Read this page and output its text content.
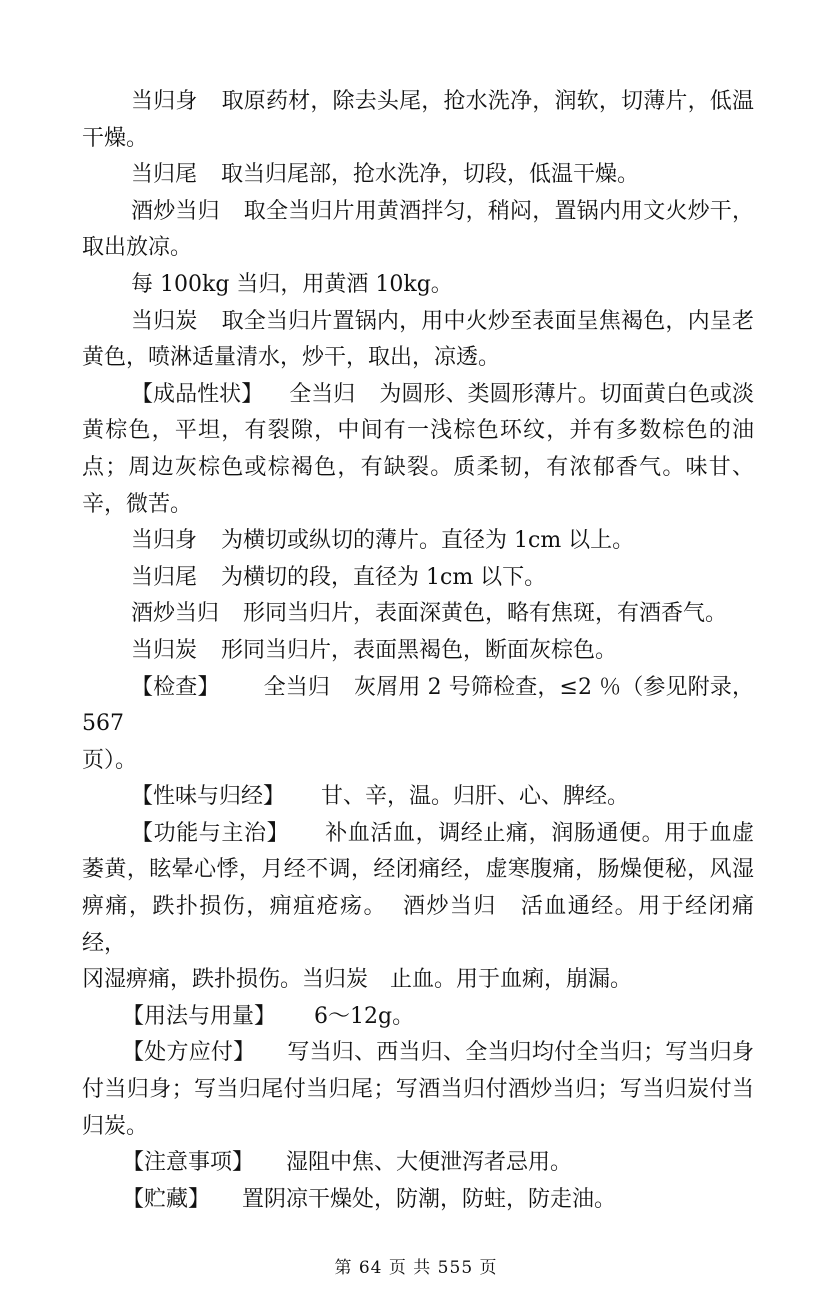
当归身 取原药材，除去头尾，抢水洗净，润软，切薄片，低温干燥。

当归尾 取当归尾部，抢水洗净，切段，低温干燥。

酒炒当归 取全当归片用黄酒拌匀，稍闷，置锅内用文火炒干，取出放凉。

每 100kg 当归，用黄酒 10kg。

当归炭 取全当归片置锅内，用中火炒至表面呈焦褐色，内呈老黄色，喷淋适量清水，炒干，取出，凉透。

【成品性状】 全当归 为圆形、类圆形薄片。切面黄白色或淡黄棕色，平坦，有裂隙，中间有一浅棕色环纹，并有多数棕色的油点；周边灰棕色或棕褐色，有缺裂。质柔韧，有浓郁香气。味甘、辛，微苦。

当归身 为横切或纵切的薄片。直径为 1cm 以上。

当归尾 为横切的段，直径为 1cm 以下。

酒炒当归 形同当归片，表面深黄色，略有焦斑，有酒香气。

当归炭 形同当归片，表面黑褐色，断面灰棕色。

【检查】 全当归 灰屑用 2 号筛检查，≤2 ％（参见附录，567

页）。

【性味与归经】 甘、辛，温。归肝、心、脾经。

【功能与主治】 补血活血，调经止痛，润肠通便。用于血虚萎黄，眩晕心悸，月经不调，经闭痛经，虚寒腹痛，肠燥便秘，风湿痹痛，跌扑损伤，痈疽疮疡。 酒炒当归 活血通经。用于经闭痛经，

冈湿痹痛，跌扑损伤。当归炭　止血。用于血痢，崩漏。

【用法与用量】 6～12g。

【处方应付】 写当归、西当归、全当归均付全当归；写当归身付当归身；写当归尾付当归尾；写酒当归付酒炒当归；写当归炭付当归炭。

【注意事项】 湿阻中焦、大便泄泻者忌用。

【贮藏】 置阴凉干燥处，防潮，防蛀，防走油。

第 64 页 共 555 页
